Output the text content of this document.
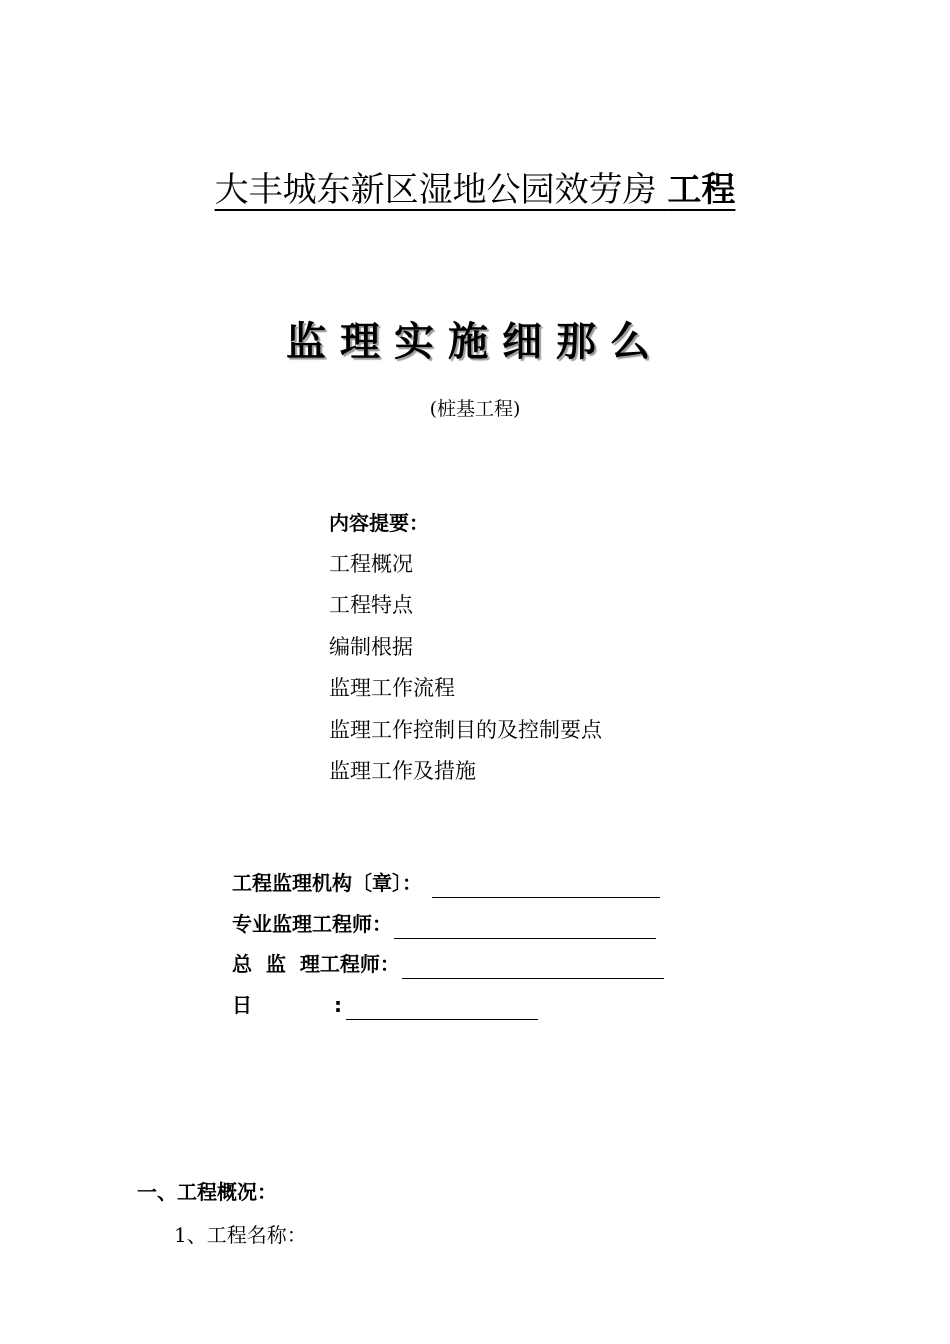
大丰城东新区湿地公园效劳房 工程
监理实施细那么
(桩基工程)
内容提要：
工程概况
工程特点
编制根据
监理工作流程
监理工作控制目的及控制要点
监理工作及措施
工程监理机构〔章〕：
专业监理工程师：
总  监  理工程师：
日	:
一、工程概况：
1、工程名称：
